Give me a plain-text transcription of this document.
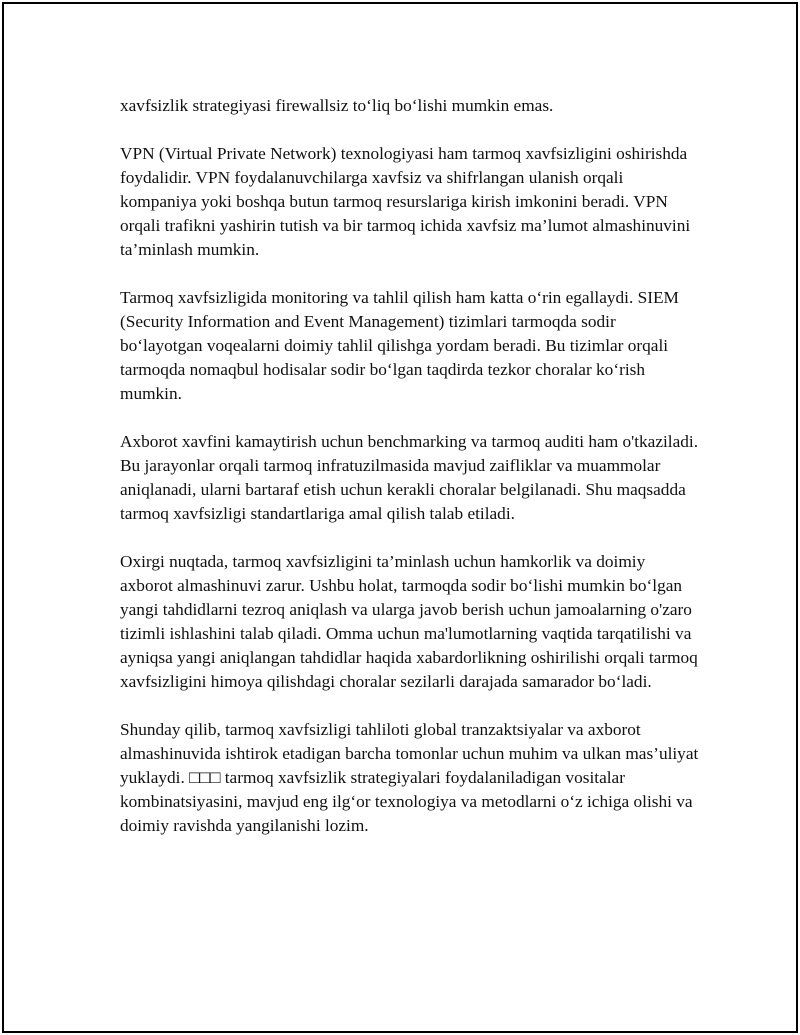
xavfsizlik strategiyasi firewallsiz to‘liq bo‘lishi mumkin emas.

VPN (Virtual Private Network) texnologiyasi ham tarmoq xavfsizligini oshirishda foydalidir. VPN foydalanuvchilarga xavfsiz va shifrlangan ulanish orqali kompaniya yoki boshqa butun tarmoq resurslariga kirish imkonini beradi. VPN orqali trafikni yashirin tutish va bir tarmoq ichida xavfsiz ma’lumot almashinuvini ta’minlash mumkin.

Tarmoq xavfsizligida monitoring va tahlil qilish ham katta o‘rin egallaydi. SIEM (Security Information and Event Management) tizimlari tarmoqda sodir bo‘layotgan voqealarni doimiy tahlil qilishga yordam beradi. Bu tizimlar orqali tarmoqda nomaqbul hodisalar sodir bo‘lgan taqdirda tezkor choralar ko‘rish mumkin.

Axborot xavfini kamaytirish uchun benchmarking va tarmoq auditi ham o'tkaziladi. Bu jarayonlar orqali tarmoq infratuzilmasida mavjud zaifliklar va muammolar aniqlanadi, ularni bartaraf etish uchun kerakli choralar belgilanadi. Shu maqsadda tarmoq xavfsizligi standartlariga amal qilish talab etiladi.

Oxirgi nuqtada, tarmoq xavfsizligini ta’minlash uchun hamkorlik va doimiy axborot almashinuvi zarur. Ushbu holat, tarmoqda sodir bo‘lishi mumkin bo‘lgan yangi tahdidlarni tezroq aniqlash va ularga javob berish uchun jamoalarning o'zaro tizimli ishlashini talab qiladi. Omma uchun ma'lumotlarning vaqtida tarqatilishi va ayniqsa yangi aniqlangan tahdidlar haqida xabardorlikning oshirilishi orqali tarmoq xavfsizligini himoya qilishdagi choralar sezilarli darajada samarador bo‘ladi.

Shunday qilib, tarmoq xavfsizligi tahliloti global tranzaktsiyalar va axborot almashinuvida ishtirok etadigan barcha tomonlar uchun muhim va ulkan mas’uliyat yuklaydi. □□□ tarmoq xavfsizlik strategiyalari foydalaniladigan vositalar kombinatsiyasini, mavjud eng ilg‘or texnologiya va metodlarni o‘z ichiga olishi va doimiy ravishda yangilanishi lozim.
